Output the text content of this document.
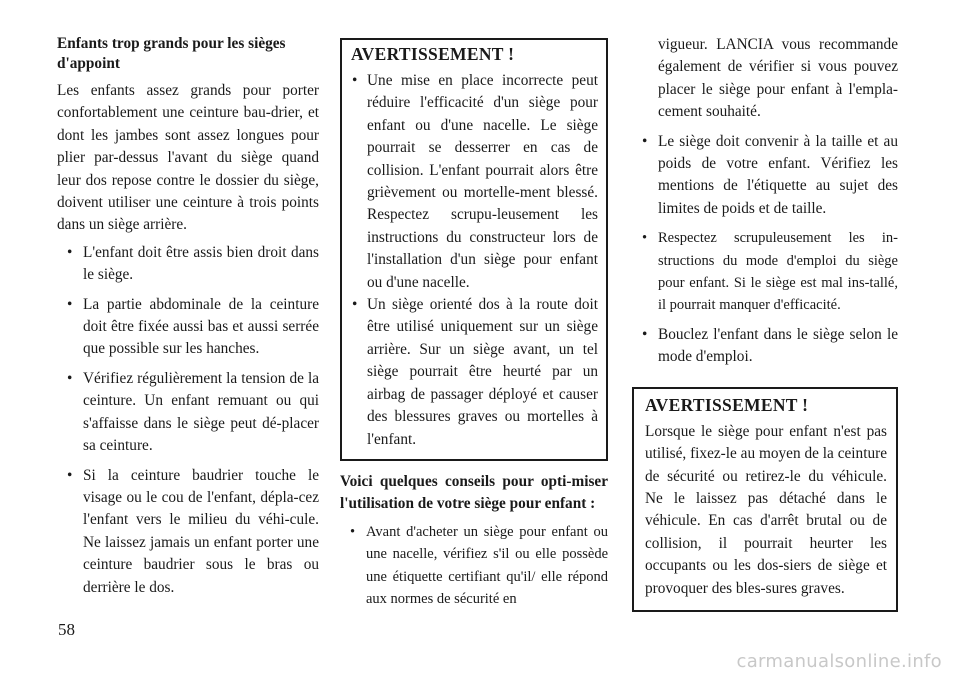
Enfants trop grands pour les sièges d'appoint

Les enfants assez grands pour porter confortablement une ceinture bau-drier, et dont les jambes sont assez longues pour plier par-dessus l'avant du siège quand leur dos repose contre le dossier du siège, doivent utiliser une ceinture à trois points dans un siège arrière.

• L'enfant doit être assis bien droit dans le siège.
• La partie abdominale de la ceinture doit être fixée aussi bas et aussi serrée que possible sur les hanches.
• Vérifiez régulièrement la tension de la ceinture. Un enfant remuant ou qui s'affaisse dans le siège peut dé-placer sa ceinture.
• Si la ceinture baudrier touche le visage ou le cou de l'enfant, dépla-cez l'enfant vers le milieu du véhi-cule. Ne laissez jamais un enfant porter une ceinture baudrier sous le bras ou derrière le dos.
AVERTISSEMENT !
• Une mise en place incorrecte peut réduire l'efficacité d'un siège pour enfant ou d'une nacelle. Le siège pourrait se desserrer en cas de collision. L'enfant pourrait alors être grièvement ou mortelle-ment blessé. Respectez scrupu-leusement les instructions du constructeur lors de l'installation d'un siège pour enfant ou d'une nacelle.
• Un siège orienté dos à la route doit être utilisé uniquement sur un siège arrière. Sur un siège avant, un tel siège pourrait être heurté par un airbag de passager déployé et causer des blessures graves ou mortelles à l'enfant.
Voici quelques conseils pour opti-miser l'utilisation de votre siège pour enfant :
• Avant d'acheter un siège pour enfant ou une nacelle, vérifiez s'il ou elle possède une étiquette certifiant qu'il/ elle répond aux normes de sécurité en
vigueur. LANCIA vous recommande également de vérifier si vous pouvez placer le siège pour enfant à l'empla-cement souhaité.
• Le siège doit convenir à la taille et au poids de votre enfant. Vérifiez les mentions de l'étiquette au sujet des limites de poids et de taille.
• Respectez scrupuleusement les in-structions du mode d'emploi du siège pour enfant. Si le siège est mal ins-tallé, il pourrait manquer d'efficacité.
• Bouclez l'enfant dans le siège selon le mode d'emploi.
AVERTISSEMENT !

Lorsque le siège pour enfant n'est pas utilisé, fixez-le au moyen de la ceinture de sécurité ou retirez-le du véhicule. Ne le laissez pas détaché dans le véhicule. En cas d'arrêt brutal ou de collision, il pourrait heurter les occupants ou les dos-siers de siège et provoquer des bles-sures graves.

58
carmanualsonline.info
